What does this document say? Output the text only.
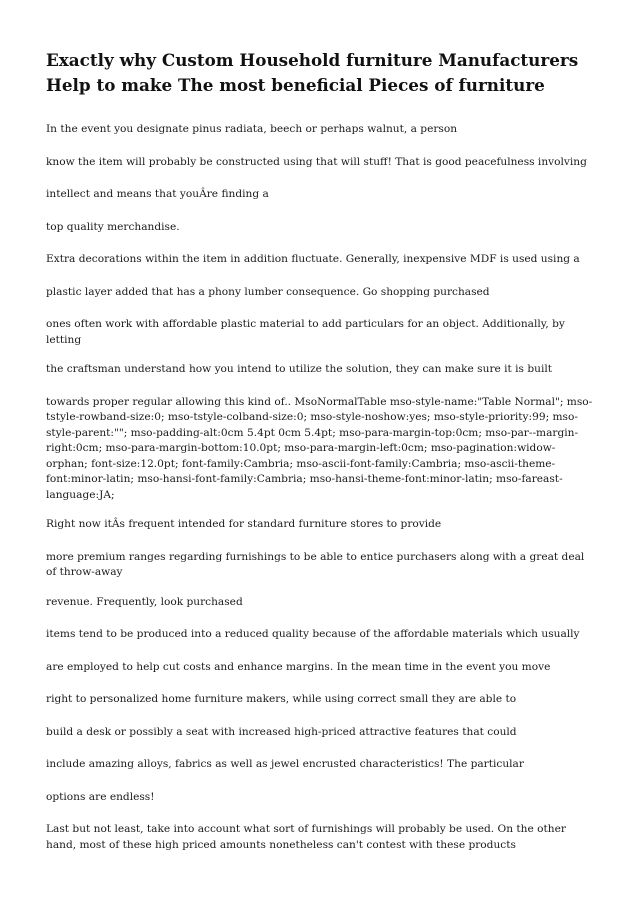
Exactly why Custom Household furniture Manufacturers Help to make The most beneficial Pieces of furniture

In the event you designate pinus radiata, beech or perhaps walnut, a person

know the item will probably be constructed using that will stuff! That is good peacefulness involving

intellect and means that youÂre finding a

top quality merchandise.

Extra decorations within the item in addition fluctuate. Generally, inexpensive MDF is used using a

plastic layer added that has a phony lumber consequence. Go shopping purchased

ones often work with affordable plastic material to add particulars for an object. Additionally, by letting

the craftsman understand how you intend to utilize the solution, they can make sure it is built

towards proper regular allowing this kind of.. MsoNormalTable mso-style-name:"Table Normal"; mso-tstyle-rowband-size:0; mso-tstyle-colband-size:0; mso-style-noshow:yes; mso-style-priority:99; mso-style-parent:""; mso-padding-alt:0cm 5.4pt 0cm 5.4pt; mso-para-margin-top:0cm; mso-par--margin-right:0cm; mso-para-margin-bottom:10.0pt; mso-para-margin-left:0cm; mso-pagination:widow-orphan; font-size:12.0pt; font-family:Cambria; mso-ascii-font-family:Cambria; mso-ascii-theme-font:minor-latin; mso-hansi-font-family:Cambria; mso-hansi-theme-font:minor-latin; mso-fareast-language:JA;

Right now itÂs frequent intended for standard furniture stores to provide

more premium ranges regarding furnishings to be able to entice purchasers along with a great deal of throw-away

revenue. Frequently, look purchased

items tend to be produced into a reduced quality because of the affordable materials which usually

are employed to help cut costs and enhance margins. In the mean time in the event you move

right to personalized home furniture makers, while using correct small they are able to

build a desk or possibly a seat with increased high-priced attractive features that could

include amazing alloys, fabrics as well as jewel encrusted characteristics! The particular

options are endless!

Last but not least, take into account what sort of furnishings will probably be used. On the other hand, most of these high priced amounts nonetheless can't contest with these products
